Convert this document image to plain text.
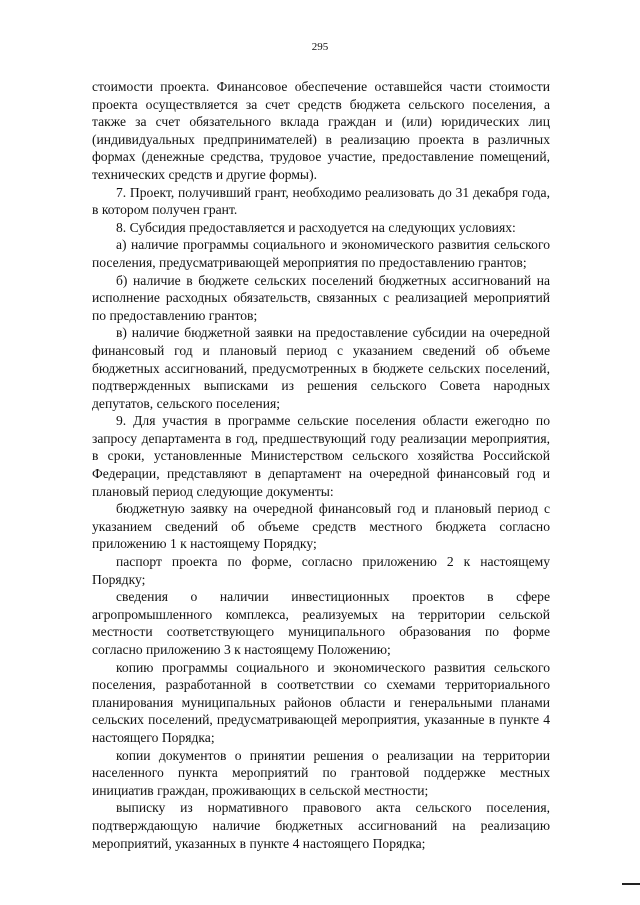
295

стоимости проекта. Финансовое обеспечение оставшейся части стоимости проекта осуществляется за счет средств бюджета сельского поселения, а также за счет обязательного вклада граждан и (или) юридических лиц (индивидуальных предпринимателей) в реализацию проекта в различных формах (денежные средства, трудовое участие, предоставление помещений, технических средств и другие формы).

7. Проект, получивший грант, необходимо реализовать до 31 декабря года, в котором получен грант.

8. Субсидия предоставляется и расходуется на следующих условиях:

а) наличие программы социального и экономического развития сельского поселения, предусматривающей мероприятия по предоставлению грантов;

б) наличие в бюджете сельских поселений бюджетных ассигнований на исполнение расходных обязательств, связанных с реализацией мероприятий по предоставлению грантов;

в) наличие бюджетной заявки на предоставление субсидии на очередной финансовый год и плановый период с указанием сведений об объеме бюджетных ассигнований, предусмотренных в бюджете сельских поселений, подтвержденных выписками из решения сельского Совета народных депутатов, сельского поселения;

9. Для участия в программе сельские поселения области ежегодно по запросу департамента в год, предшествующий году реализации мероприятия, в сроки, установленные Министерством сельского хозяйства Российской Федерации, представляют в департамент на очередной финансовый год и плановый период следующие документы:

бюджетную заявку на очередной финансовый год и плановый период с указанием сведений об объеме средств местного бюджета согласно приложению 1 к настоящему Порядку;

паспорт проекта по форме, согласно приложению 2 к настоящему Порядку;

сведения о наличии инвестиционных проектов в сфере агропромышленного комплекса, реализуемых на территории сельской местности соответствующего муниципального образования по форме согласно приложению 3 к настоящему Положению;

копию программы социального и экономического развития сельского поселения, разработанной в соответствии со схемами территориального планирования муниципальных районов области и генеральными планами сельских поселений, предусматривающей мероприятия, указанные в пункте 4 настоящего Порядка;

копии документов о принятии решения о реализации на территории населенного пункта мероприятий по грантовой поддержке местных инициатив граждан, проживающих в сельской местности;

выписку из нормативного правового акта сельского поселения, подтверждающую наличие бюджетных ассигнований на реализацию мероприятий, указанных в пункте 4 настоящего Порядка;
